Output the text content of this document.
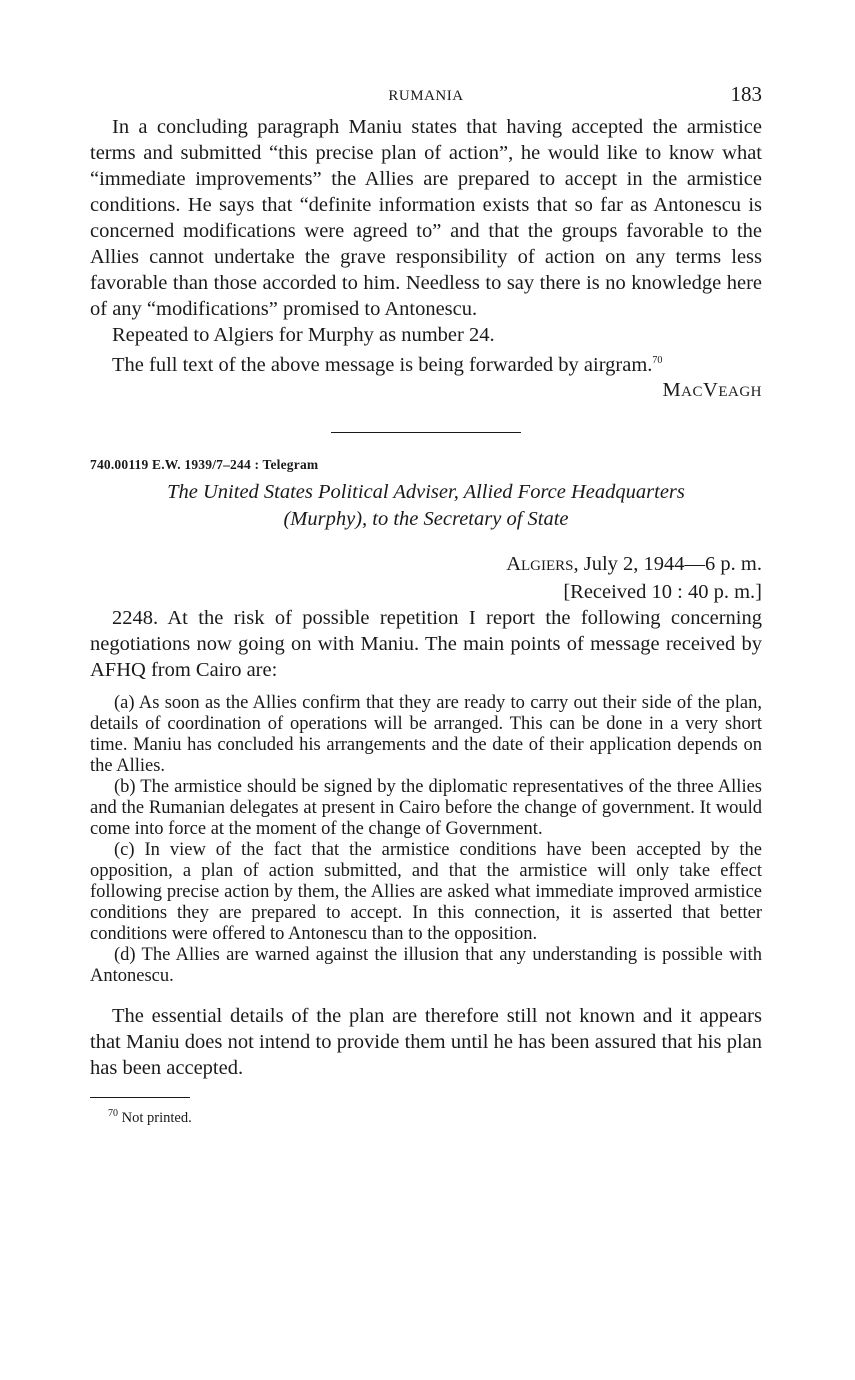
RUMANIA	183

In a concluding paragraph Maniu states that having accepted the armistice terms and submitted “this precise plan of action”, he would like to know what “immediate improvements” the Allies are prepared to accept in the armistice conditions. He says that “definite information exists that so far as Antonescu is concerned modifications were agreed to” and that the groups favorable to the Allies cannot undertake the grave responsibility of action on any terms less favorable than those accorded to him. Needless to say there is no knowledge here of any “modifications” promised to Antonescu.

Repeated to Algiers for Murphy as number 24.

The full text of the above message is being forwarded by airgram.$^{70}$

MACVEAGH
740.00119 E.W. 1939/7–244 : Telegram
The United States Political Adviser, Allied Force Headquarters
(Murphy), to the Secretary of State
ALGIERS, July 2, 1944—6 p. m.
[Received 10 : 40 p. m.]

2248. At the risk of possible repetition I report the following concerning negotiations now going on with Maniu. The main points of message received by AFHQ from Cairo are:

(a) As soon as the Allies confirm that they are ready to carry out their side of the plan, details of coordination of operations will be arranged. This can be done in a very short time. Maniu has concluded his arrangements and the date of their application depends on the Allies.

(b) The armistice should be signed by the diplomatic representatives of the three Allies and the Rumanian delegates at present in Cairo before the change of government. It would come into force at the moment of the change of Government.

(c) In view of the fact that the armistice conditions have been accepted by the opposition, a plan of action submitted, and that the armistice will only take effect following precise action by them, the Allies are asked what immediate improved armistice conditions they are prepared to accept. In this connection, it is asserted that better conditions were offered to Antonescu than to the opposition.

(d) The Allies are warned against the illusion that any understanding is possible with Antonescu.

The essential details of the plan are therefore still not known and it appears that Maniu does not intend to provide them until he has been assured that his plan has been accepted.

$^{70}$ Not printed.
